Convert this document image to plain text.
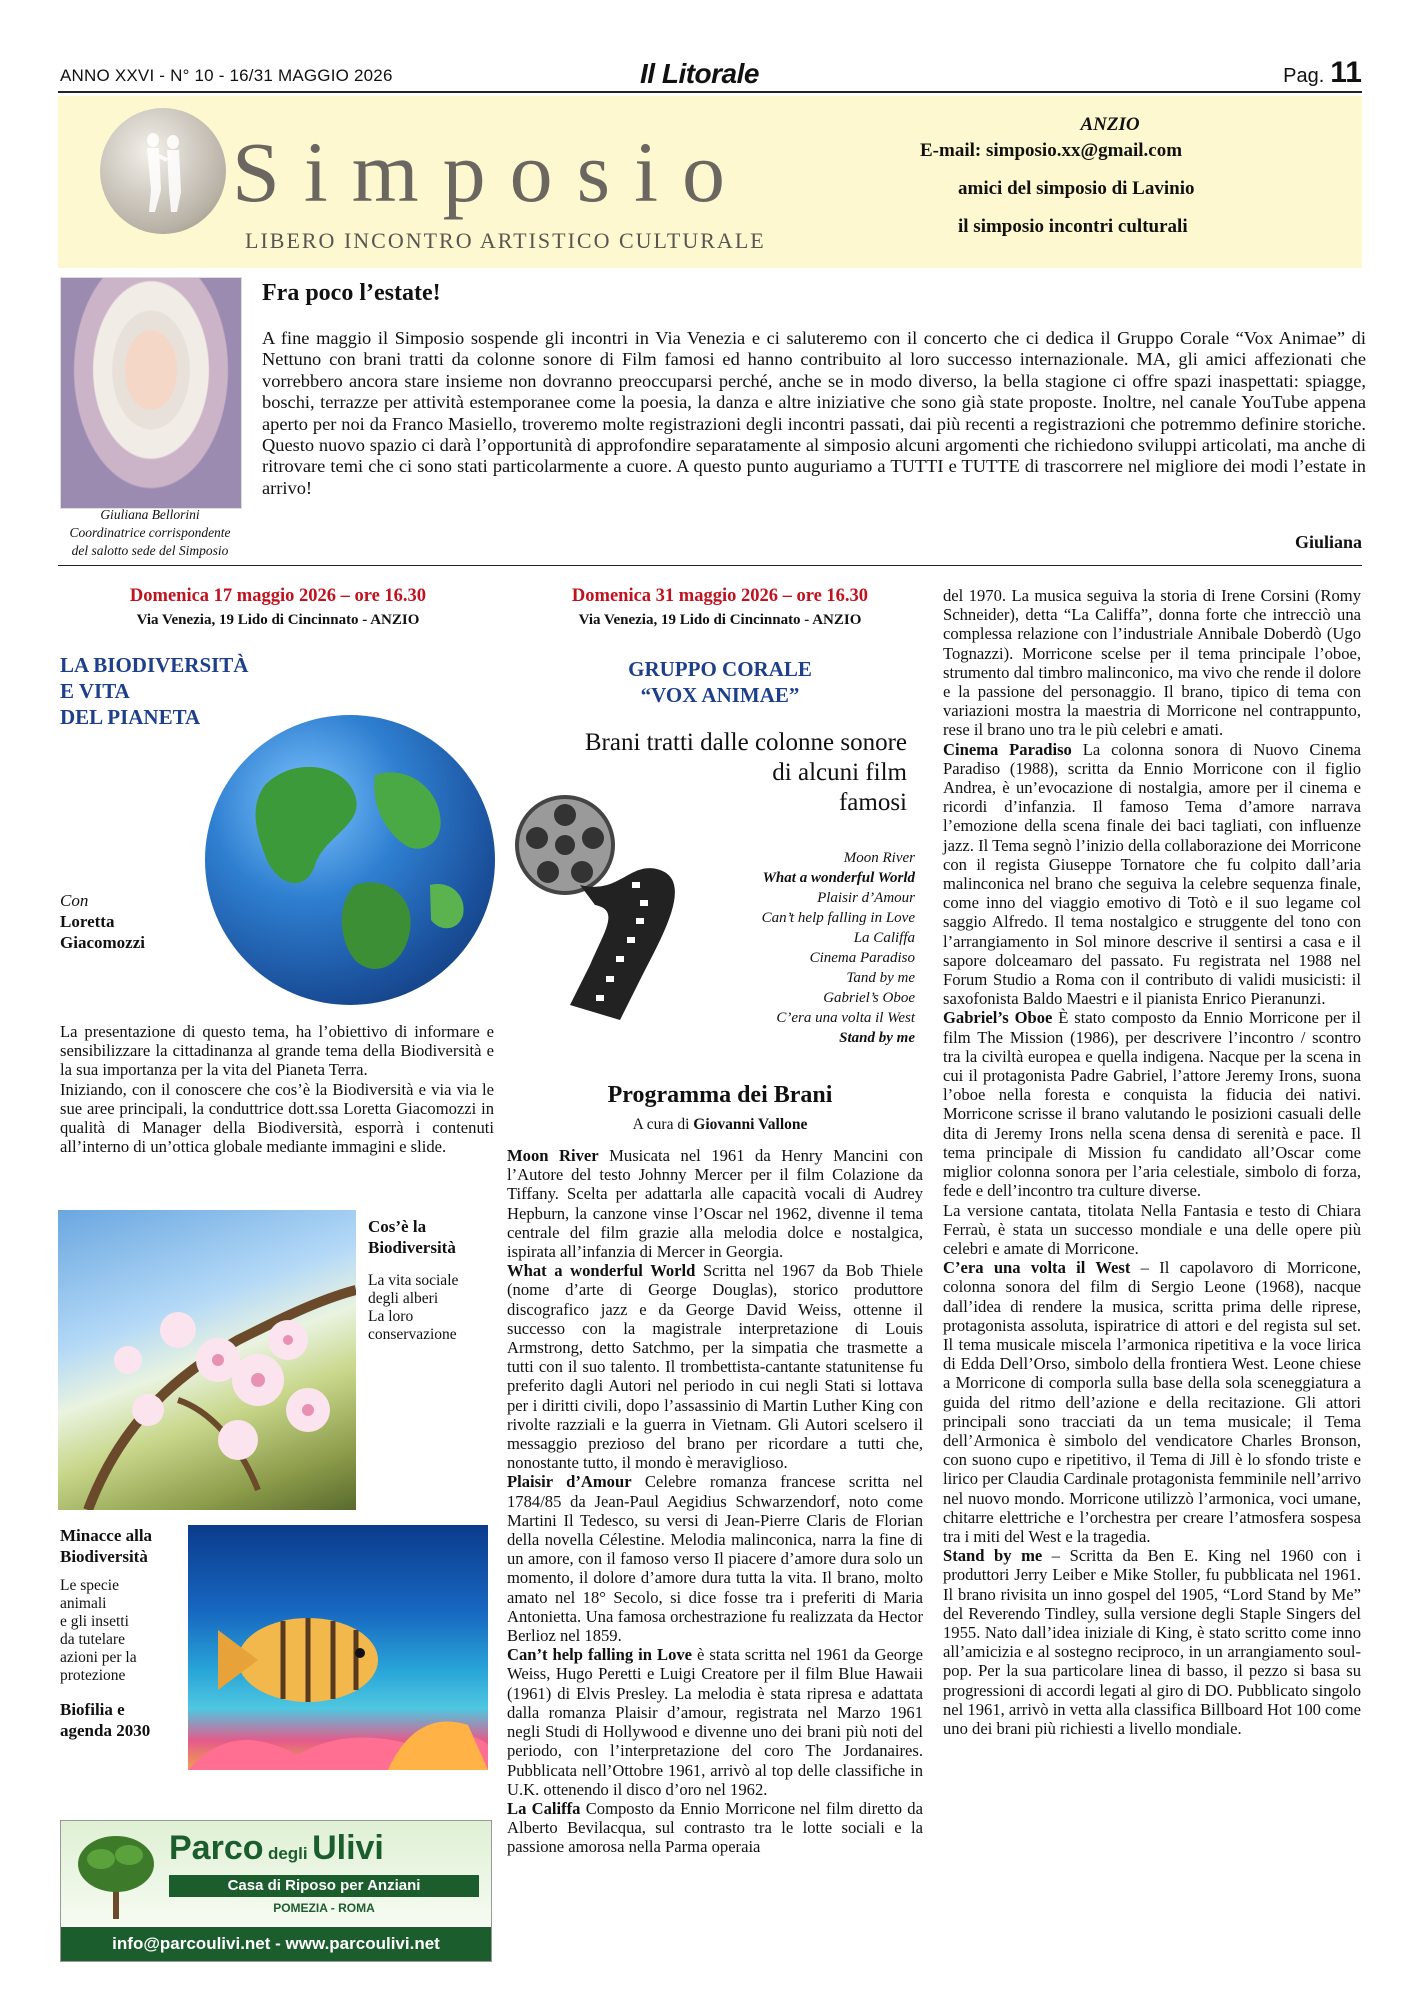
ANNO XXVI - N° 10 - 16/31 MAGGIO 2026	Il Litorale	Pag. 11
Simposio
LIBERO INCONTRO ARTISTICO CULTURALE
ANZIO
E-mail: simposio.xx@gmail.com
amici del simposio di Lavinio
il simposio incontri culturali
Giuliana Bellorini
Coordinatrice corrispondente
del salotto sede del Simposio
Fra poco l’estate!
A fine maggio il Simposio sospende gli incontri in Via Venezia e ci saluteremo con il concerto che ci dedica il Gruppo Corale “Vox Animae” di Nettuno con brani tratti da colonne sonore di Film famosi ed hanno contribuito al loro successo internazionale. MA, gli amici affezionati che vorrebbero ancora stare insieme non dovranno preoccuparsi perché, anche se in modo diverso, la bella stagione ci offre spazi inaspettati: spiagge, boschi, terrazze per attività estemporanee come la poesia, la danza e altre iniziative che sono già state proposte. Inoltre, nel canale YouTube appena aperto per noi da Franco Masiello, troveremo molte registrazioni degli incontri passati, dai più recenti a registrazioni che potremmo definire storiche. Questo nuovo spazio ci darà l’opportunità di approfondire separatamente al simposio alcuni argomenti che richiedono sviluppi articolati, ma anche di ritrovare temi che ci sono stati particolarmente a cuore. A questo punto auguriamo a TUTTI e TUTTE di trascorrere nel migliore dei modi l’estate in arrivo!
Giuliana
Domenica 17 maggio 2026 – ore 16.30
Via Venezia, 19 Lido di Cincinnato - ANZIO
LA BIODIVERSITÀ
E VITA
DEL PIANETA
Con
Loretta
Giacomozzi

La presentazione di questo tema, ha l’obiettivo di informare e sensibilizzare la cittadinanza al grande tema della Biodiversità e la sua importanza per la vita del Pianeta Terra.

Iniziando, con il conoscere che cos’è la Biodiversità e via via le sue aree principali, la conduttrice dott.ssa Loretta Giacomozzi in qualità di Manager della Biodiversità, esporrà i contenuti all’interno di un’ottica globale mediante immagini e slide.

Cos’è la
Biodiversità
La vita sociale
degli alberi
La loro
conservazione
Minacce alla
Biodiversità
Le specie
animali
e gli insetti
da tutelare
azioni per la
protezione
Biofilia e
agenda 2030
Parco degli Ulivi
Casa di Riposo per Anziani
POMEZIA - ROMA
info@parcoulivi.net - www.parcoulivi.net
Domenica 31 maggio 2026 – ore 16.30
Via Venezia, 19 Lido di Cincinnato - ANZIO
GRUPPO CORALE
“VOX ANIMAE”
Brani tratti dalle colonne sonore
di alcuni film
famosi
Moon River
What a wonderful World
Plaisir d’Amour
Can’t help falling in Love
La Califfa
Cinema Paradiso
Tand by me
Gabriel’s Oboe
C’era una volta il West
Stand by me
Programma dei Brani
A cura di Giovanni Vallone

Moon River Musicata nel 1961 da Henry Mancini con l’Autore del testo Johnny Mercer per il film Colazione da Tiffany. Scelta per adattarla alle capacità vocali di Audrey Hepburn, la canzone vinse l’Oscar nel 1962, divenne il tema centrale del film grazie alla melodia dolce e nostalgica, ispirata all’infanzia di Mercer in Georgia.

What a wonderful World Scritta nel 1967 da Bob Thiele (nome d’arte di George Douglas), storico produttore discografico jazz e da George David Weiss, ottenne il successo con la magistrale interpretazione di Louis Armstrong, detto Satchmo, per la simpatia che trasmette a tutti con il suo talento. Il trombettista-cantante statunitense fu preferito dagli Autori nel periodo in cui negli Stati si lottava per i diritti civili, dopo l’assassinio di Martin Luther King con rivolte razziali e la guerra in Vietnam. Gli Autori scelsero il messaggio prezioso del brano per ricordare a tutti che, nonostante tutto, il mondo è meraviglioso.

Plaisir d’Amour Celebre romanza francese scritta nel 1784/85 da Jean-Paul Aegidius Schwarzendorf, noto come Martini Il Tedesco, su versi di Jean-Pierre Claris de Florian della novella Célestine. Melodia malinconica, narra la fine di un amore, con il famoso verso Il piacere d’amore dura solo un momento, il dolore d’amore dura tutta la vita. Il brano, molto amato nel 18° Secolo, si dice fosse tra i preferiti di Maria Antonietta. Una famosa orchestrazione fu realizzata da Hector Berlioz nel 1859.

Can’t help falling in Love è stata scritta nel 1961 da George Weiss, Hugo Peretti e Luigi Creatore per il film Blue Hawaii (1961) di Elvis Presley. La melodia è stata ripresa e adattata dalla romanza Plaisir d’amour, registrata nel Marzo 1961 negli Studi di Hollywood e divenne uno dei brani più noti del periodo, con l’interpretazione del coro The Jordanaires. Pubblicata nell’Ottobre 1961, arrivò al top delle classifiche in U.K. ottenendo il disco d’oro nel 1962.

La Califfa Composto da Ennio Morricone nel film diretto da Alberto Bevilacqua, sul contrasto tra le lotte sociali e la passione amorosa nella Parma operaia

del 1970. La musica seguiva la storia di Irene Corsini (Romy Schneider), detta “La Califfa”, donna forte che intrecciò una complessa relazione con l’industriale Annibale Doberdò (Ugo Tognazzi). Morricone scelse per il tema principale l’oboe, strumento dal timbro malinconico, ma vivo che rende il dolore e la passione del personaggio. Il brano, tipico di tema con variazioni mostra la maestria di Morricone nel contrappunto, rese il brano uno tra le più celebri e amati.

Cinema Paradiso La colonna sonora di Nuovo Cinema Paradiso (1988), scritta da Ennio Morricone con il figlio Andrea, è un’evocazione di nostalgia, amore per il cinema e ricordi d’infanzia. Il famoso Tema d’amore narrava l’emozione della scena finale dei baci tagliati, con influenze jazz. Il Tema segnò l’inizio della collaborazione dei Morricone con il regista Giuseppe Tornatore che fu colpito dall’aria malinconica nel brano che seguiva la celebre sequenza finale, come inno del viaggio emotivo di Totò e il suo legame col saggio Alfredo. Il tema nostalgico e struggente del tono con l’arrangiamento in Sol minore descrive il sentirsi a casa e il sapore dolceamaro del passato. Fu registrata nel 1988 nel Forum Studio a Roma con il contributo di validi musicisti: il saxofonista Baldo Maestri e il pianista Enrico Pieranunzi.

Gabriel’s Oboe È stato composto da Ennio Morricone per il film The Mission (1986), per descrivere l’incontro / scontro tra la civiltà europea e quella indigena. Nacque per la scena in cui il protagonista Padre Gabriel, l’attore Jeremy Irons, suona l’oboe nella foresta e conquista la fiducia dei nativi. Morricone scrisse il brano valutando le posizioni casuali delle dita di Jeremy Irons nella scena densa di serenità e pace. Il tema principale di Mission fu candidato all’Oscar come miglior colonna sonora per l’aria celestiale, simbolo di forza, fede e dell’incontro tra culture diverse.

La versione cantata, titolata Nella Fantasia e testo di Chiara Ferraù, è stata un successo mondiale e una delle opere più celebri e amate di Morricone.

C’era una volta il West – Il capolavoro di Morricone, colonna sonora del film di Sergio Leone (1968), nacque dall’idea di rendere la musica, scritta prima delle riprese, protagonista assoluta, ispiratrice di attori e del regista sul set. Il tema musicale miscela l’armonica ripetitiva e la voce lirica di Edda Dell’Orso, simbolo della frontiera West. Leone chiese a Morricone di comporla sulla base della sola sceneggiatura a guida del ritmo dell’azione e della recitazione. Gli attori principali sono tracciati da un tema musicale; il Tema dell’Armonica è simbolo del vendicatore Charles Bronson, con suono cupo e ripetitivo, il Tema di Jill è lo sfondo triste e lirico per Claudia Cardinale protagonista femminile nell’arrivo nel nuovo mondo. Morricone utilizzò l’armonica, voci umane, chitarre elettriche e l’orchestra per creare l’atmosfera sospesa tra i miti del West e la tragedia.

Stand by me – Scritta da Ben E. King nel 1960 con i produttori Jerry Leiber e Mike Stoller, fu pubblicata nel 1961. Il brano rivisita un inno gospel del 1905, “Lord Stand by Me” del Reverendo Tindley, sulla versione degli Staple Singers del 1955. Nato dall’idea iniziale di King, è stato scritto come inno all’amicizia e al sostegno reciproco, in un arrangiamento soul-pop. Per la sua particolare linea di basso, il pezzo si basa su progressioni di accordi legati al giro di DO. Pubblicato singolo nel 1961, arrivò in vetta alla classifica Billboard Hot 100 come uno dei brani più richiesti a livello mondiale.
